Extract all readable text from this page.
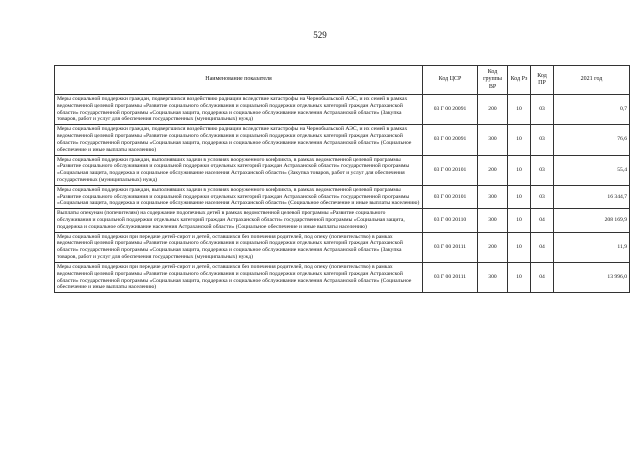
529
Наименование показателя	Код ЦСР	Код группы ВР	Код Рз	Код ПР	2021 год
Меры социальной поддержки граждан, подвергшихся воздействию радиации вследствие катастрофы на Чернобыльской АЭС, и их семей в рамках ведомственной целевой программы «Развитие социального обслуживания и социальной поддержки отдельных категорий граждан Астраханской области» государственной программы «Социальная защита, поддержка и социальное обслуживание населения Астраханской области» (Закупка товаров, работ и услуг для обеспечения государственных (муниципальных) нужд)	03 Г 00 20091	200	10	03	0,7
Меры социальной поддержки граждан, подвергшихся воздействию радиации вследствие катастрофы на Чернобыльской АЭС, и их семей в рамках ведомственной целевой программы «Развитие социального обслуживания и социальной поддержки отдельных категорий граждан Астраханской области» государственной программы «Социальная защита, поддержка и социальное обслуживание населения Астраханской области» (Социальное обеспечение и иные выплаты населению)	03 Г 00 20091	300	10	03	76,6
Меры социальной поддержки граждан, выполнявших задачи в условиях вооруженного конфликта, в рамках ведомственной целевой программы «Развитие социального обслуживания и социальной поддержки отдельных категорий граждан Астраханской области» государственной программы «Социальная защита, поддержка и социальное обслуживание населения Астраханской области» (Закупка товаров, работ и услуг для обеспечения государственных (муниципальных) нужд)	03 Г 00 20101	200	10	03	55,4
Меры социальной поддержки граждан, выполнявших задачи в условиях вооруженного конфликта, в рамках ведомственной целевой программы «Развитие социального обслуживания и социальной поддержки отдельных категорий граждан Астраханской области» государственной программы «Социальная защита, поддержка и социальное обслуживание населения Астраханской области» (Социальное обеспечение и иные выплаты населению)	03 Г 00 20101	300	10	03	16 344,7
Выплаты опекунам (попечителям) на содержание подопечных детей в рамках ведомственной целевой программы «Развитие социального обслуживания и социальной поддержки отдельных категорий граждан Астраханской области» государственной программы «Социальная защита, поддержка и социальное обслуживание населения Астраханской области» (Социальное обеспечение и иные выплаты населению)	03 Г 00 20110	300	10	04	208 169,9
Меры социальной поддержки при передаче детей-сирот и детей, оставшихся без попечения родителей, под опеку (попечительство) в рамках ведомственной целевой программы «Развитие социального обслуживания и социальной поддержки отдельных категорий граждан Астраханской области» государственной программы «Социальная защита, поддержка и социальное обслуживание населения Астраханской области» (Закупка товаров, работ и услуг для обеспечения государственных (муниципальных) нужд)	03 Г 00 20111	200	10	04	11,9
Меры социальной поддержки при передаче детей-сирот и детей, оставшихся без попечения родителей, под опеку (попечительство) в рамках ведомственной целевой программы «Развитие социального обслуживания и социальной поддержки отдельных категорий граждан Астраханской области» государственной программы «Социальная защита, поддержка и социальное обслуживание населения Астраханской области» (Социальное обеспечение и иные выплаты населению)	03 Г 00 20111	300	10	04	13 996,0
